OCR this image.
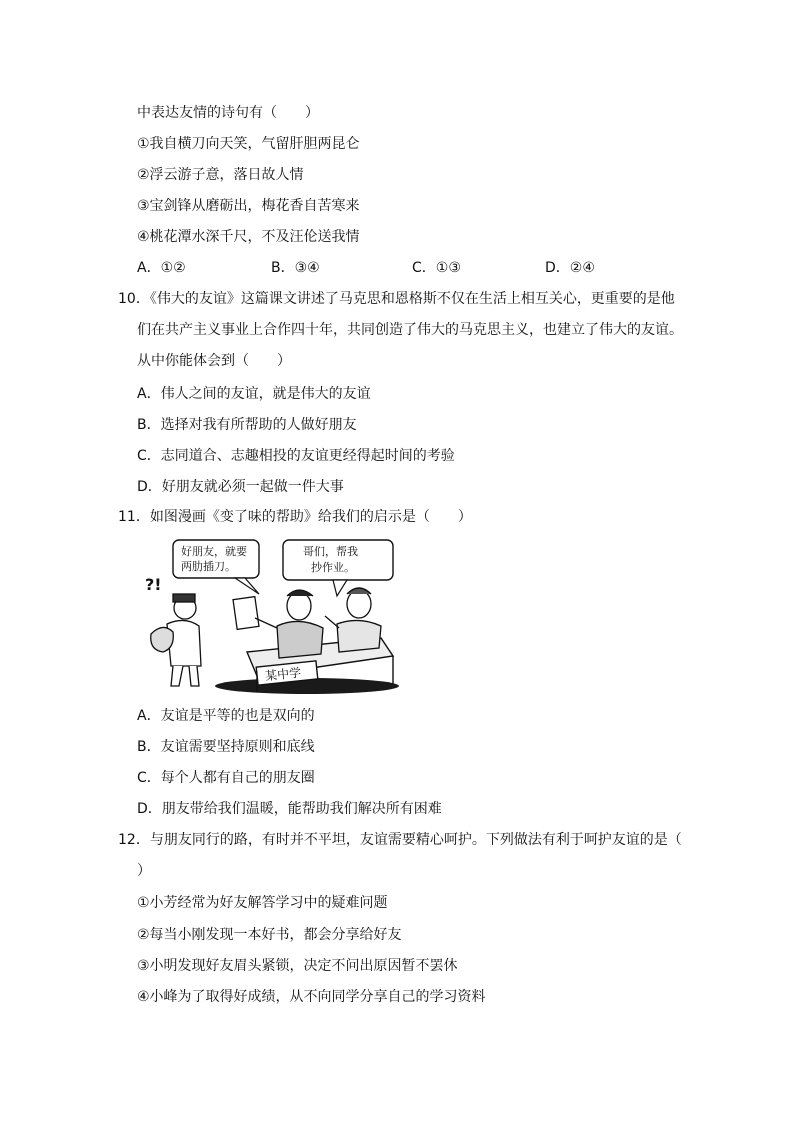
中表达友情的诗句有（　　）
①我自横刀向天笑，气留肝胆两昆仑
②浮云游子意，落日故人情
③宝剑锋从磨砺出，梅花香自苦寒来
④桃花潭水深千尺，不及汪伦送我情
A．①②	B．③④	C．①③	D．②④
10．《伟大的友谊》这篇课文讲述了马克思和恩格斯不仅在生活上相互关心，更重要的是他
们在共产主义事业上合作四十年，共同创造了伟大的马克思主义，也建立了伟大的友谊。
从中你能体会到（　　）
A．伟人之间的友谊，就是伟大的友谊
B．选择对我有所帮助的人做好朋友
C．志同道合、志趣相投的友谊更经得起时间的考验
D．好朋友就必须一起做一件大事
11．如图漫画《变了味的帮助》给我们的启示是（　　）
好朋友，就要
两肋插刀。
哥们，帮我
抄作业。
?!
某中学
A．友谊是平等的也是双向的
B．友谊需要坚持原则和底线
C．每个人都有自己的朋友圈
D．朋友带给我们温暖，能帮助我们解决所有困难
12．与朋友同行的路，有时并不平坦，友谊需要精心呵护。下列做法有利于呵护友谊的是（
）
①小芳经常为好友解答学习中的疑难问题
②每当小刚发现一本好书，都会分享给好友
③小明发现好友眉头紧锁，决定不问出原因暂不罢休
④小峰为了取得好成绩，从不向同学分享自己的学习资料
